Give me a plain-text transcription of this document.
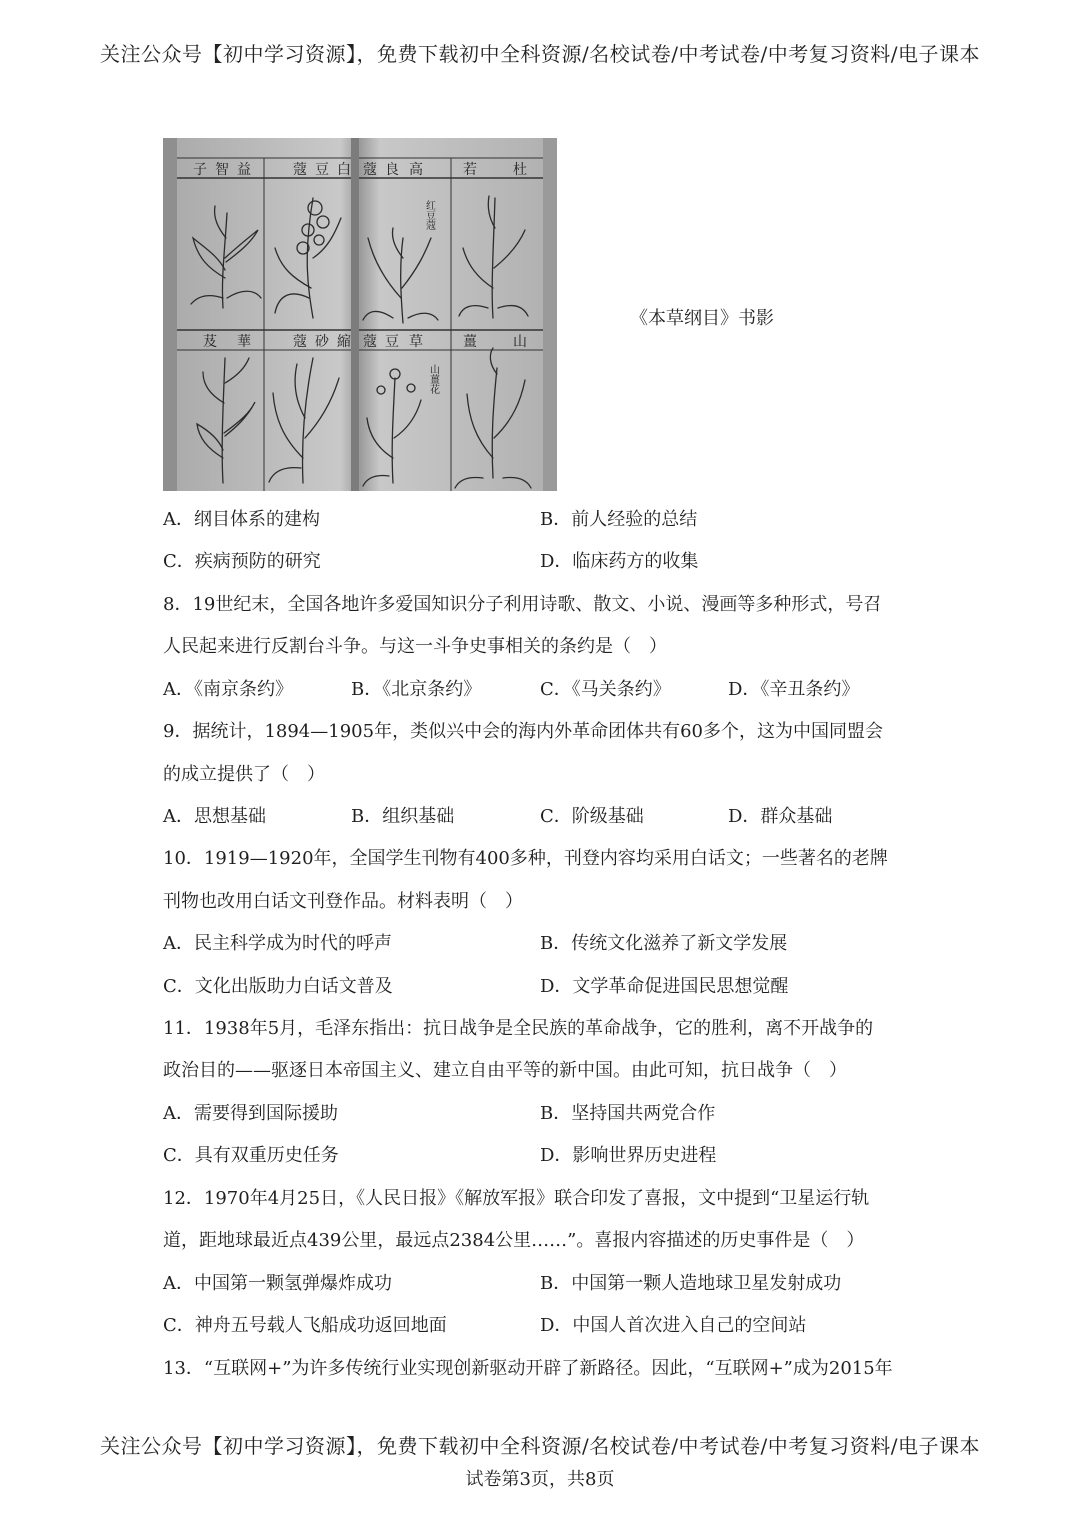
关注公众号【初中学习资源】，免费下载初中全科资源/名校试卷/中考试卷/中考复习资料/电子课本
子 智 益	蔻 豆 白 蔻 良 高	若	杜
芨 華	蔻 砂 縮 蔻 豆 草	薑	山
红豆蔻
山薑花
《本草纲目》书影
A．纲目体系的建构	B．前人经验的总结
C．疾病预防的研究	D．临床药方的收集
8．19世纪末，全国各地许多爱国知识分子利用诗歌、散文、小说、漫画等多种形式，号召
人民起来进行反割台斗争。与这一斗争史事相关的条约是（　）
A．《南京条约》	B．《北京条约》	C．《马关条约》	D．《辛丑条约》
9．据统计，1894—1905年，类似兴中会的海内外革命团体共有60多个，这为中国同盟会
的成立提供了（　）
A．思想基础	B．组织基础	C．阶级基础	D．群众基础
10．1919—1920年，全国学生刊物有400多种，刊登内容均采用白话文；一些著名的老牌
刊物也改用白话文刊登作品。材料表明（　）
A．民主科学成为时代的呼声	B．传统文化滋养了新文学发展
C．文化出版助力白话文普及	D．文学革命促进国民思想觉醒
11．1938年5月，毛泽东指出：抗日战争是全民族的革命战争，它的胜利，离不开战争的
政治目的——驱逐日本帝国主义、建立自由平等的新中国。由此可知，抗日战争（　）
A．需要得到国际援助	B．坚持国共两党合作
C．具有双重历史任务	D．影响世界历史进程
12．1970年4月25日，《人民日报》《解放军报》联合印发了喜报，文中提到“卫星运行轨
道，距地球最近点439公里，最远点2384公里……”。喜报内容描述的历史事件是（　）
A．中国第一颗氢弹爆炸成功	B．中国第一颗人造地球卫星发射成功
C．神舟五号载人飞船成功返回地面	D．中国人首次进入自己的空间站
13．“互联网+”为许多传统行业实现创新驱动开辟了新路径。因此，“互联网+”成为2015年
关注公众号【初中学习资源】，免费下载初中全科资源/名校试卷/中考试卷/中考复习资料/电子课本
试卷第3页，共8页
